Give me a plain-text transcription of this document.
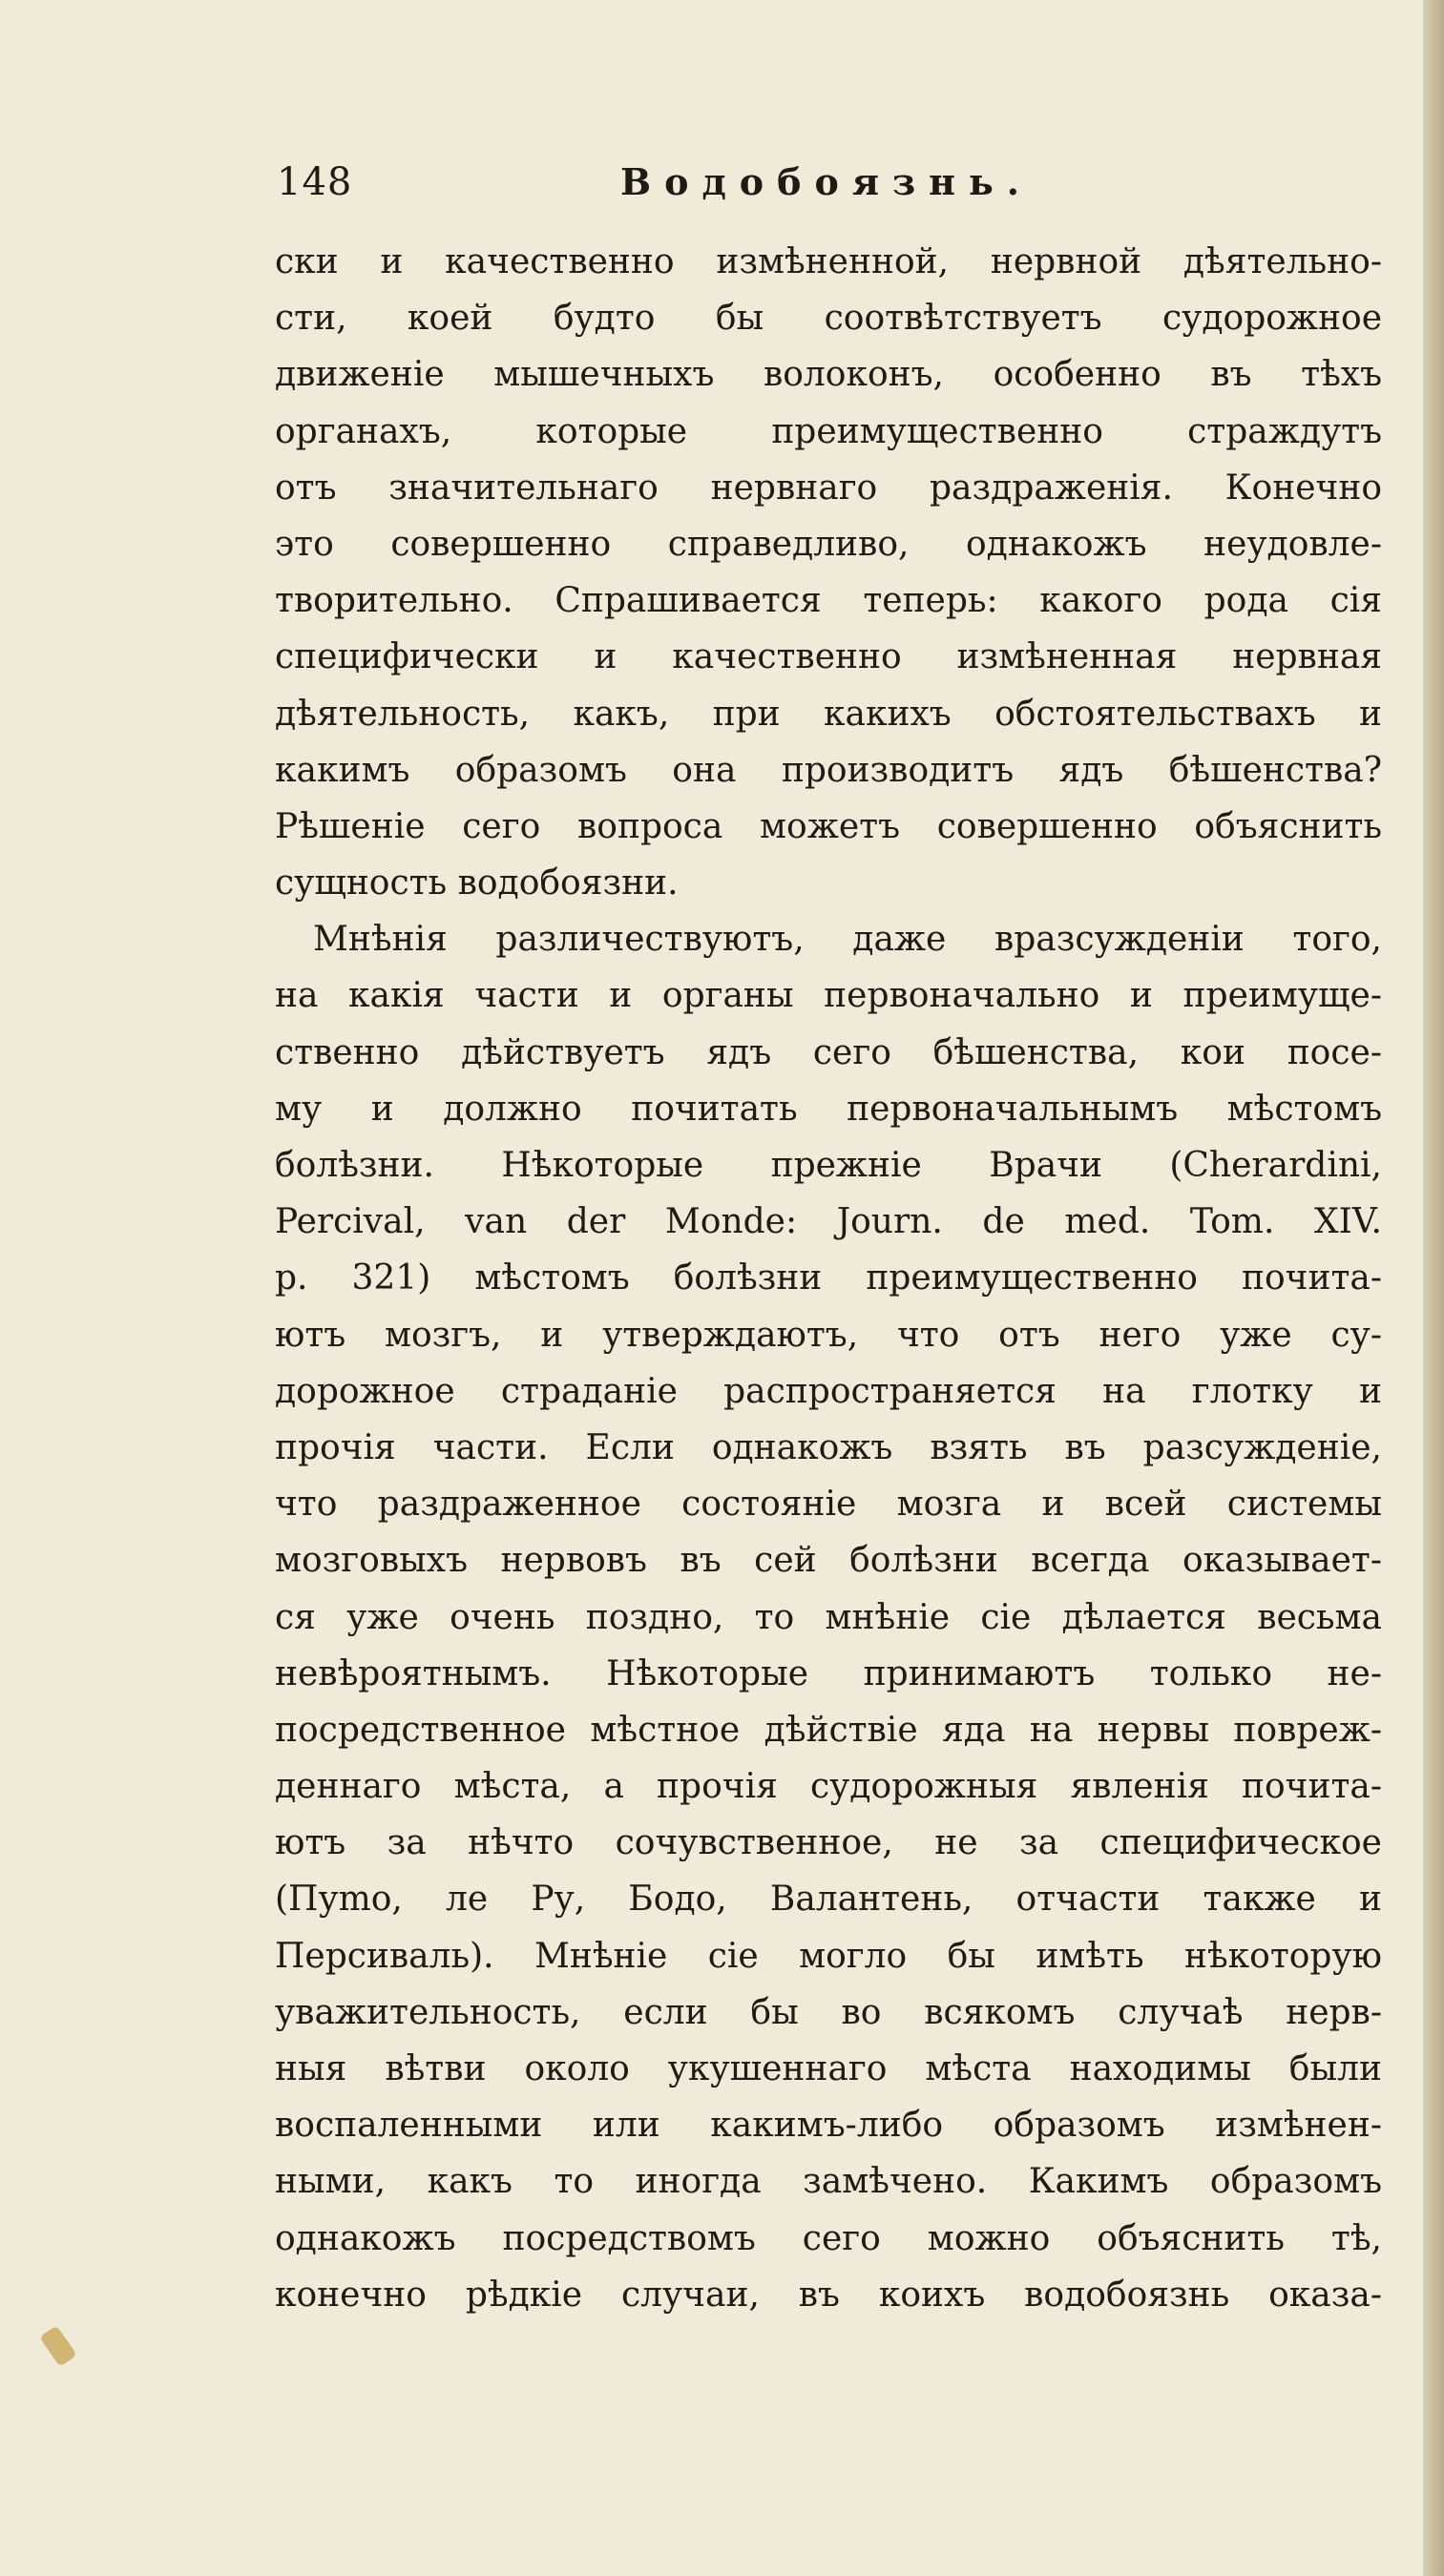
148	Водобоязнь.
ски и качественно измѣненной, нервной дѣятельно-
сти, коей будто бы соотвѣтствуетъ судорожное
движеніе мышечныхъ волоконъ, особенно въ тѣхъ
органахъ, которые преимущественно страждутъ
отъ значительнаго нервнаго раздраженія. Конечно
это совершенно справедливо, однакожъ неудовле-
творительно. Спрашивается теперь: какого рода сія
специфически и качественно измѣненная нервная
дѣятельность, какъ, при какихъ обстоятельствахъ и
какимъ образомъ она производитъ ядъ бѣшенства?
Рѣшеніе сего вопроса можетъ совершенно объяснить
сущность водобоязни.
Мнѣнія различествуютъ, даже вразсужденіи того,
на какія части и органы первоначально и преимуще-
ственно дѣйствуетъ ядъ сего бѣшенства, кои посе-
му и должно почитать первоначальнымъ мѣстомъ
болѣзни. Нѣкоторые прежніе Врачи (Cherardini,
Percival, van der Monde: Journ. de med. Tom. XIV.
p. 321) мѣстомъ болѣзни преимущественно почита-
ютъ мозгъ, и утверждаютъ, что отъ него уже су-
дорожное страданіе распространяется на глотку и
прочія части. Если однакожъ взять въ разсужденіе,
что раздраженное состояніе мозга и всей системы
мозговыхъ нервовъ въ сей болѣзни всегда оказывает-
ся уже очень поздно, то мнѣніе сіе дѣлается весьма
невѣроятнымъ. Нѣкоторые принимаютъ только не-
посредственное мѣстное дѣйствіе яда на нервы повреж-
деннаго мѣста, а прочія судорожныя явленія почита-
ютъ за нѣчто сочувственное, не за специфическое
(Пуmо, ле Ру, Бодо, Валантень, отчасти также и
Персиваль). Мнѣніе сіе могло бы имѣть нѣкоторую
уважительность, если бы во всякомъ случаѣ нерв-
ныя вѣтви около укушеннаго мѣста находимы были
воспаленными или какимъ-либо образомъ измѣнен-
ными, какъ то иногда замѣчено. Какимъ образомъ
однакожъ посредствомъ сего можно объяснить тѣ,
конечно рѣдкіе случаи, въ коихъ водобоязнь оказа-
